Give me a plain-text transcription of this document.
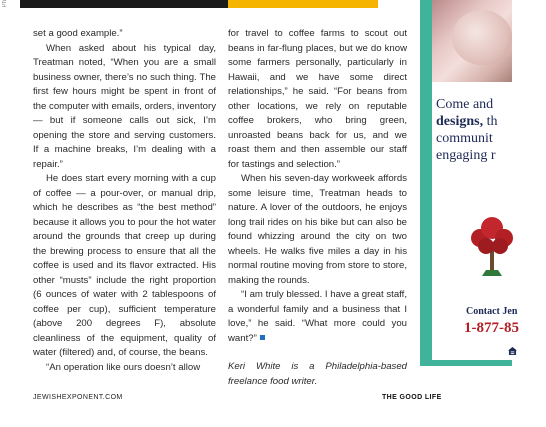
Ph

set a good example.”

When asked about his typical day, Treatman noted, “When you are a small business owner, there’s no such thing. The first few hours might be spent in front of the computer with emails, orders, inventory — but if someone calls out sick, I’m opening the store and serving customers. If a machine breaks, I’m dealing with a repair.”

He does start every morning with a cup of coffee — a pour-over, or manual drip, which he describes as “the best method” because it allows you to pour the hot water around the grounds that creep up during the brewing process to ensure that all the coffee is used and its flavor extracted. His other “musts” include the right proportion (6 ounces of water with 2 tablespoons of coffee per cup), sufficient temperature (above 200 degrees F), absolute cleanliness of the equipment, quality of water (filtered) and, of course, the beans.

“An operation like ours doesn’t allow

for travel to coffee farms to scout out beans in far-flung places, but we do know some farmers personally, particularly in Hawaii, and we have some direct relationships,” he said. “For beans from other locations, we rely on reputable coffee brokers, who bring green, unroasted beans back for us, and we roast them and then assemble our staff for tastings and selection.”

When his seven-day workweek affords some leisure time, Treatman heads to nature. A lover of the outdoors, he enjoys long trail rides on his bike but can also be found whizzing around the city on two wheels. He walks five miles a day in his normal routine moving from store to store, making the rounds.

“I am truly blessed. I have a great staff, a wonderful family and a business that I love,” he said. “What more could you want?”

Keri White is a Philadelphia-based freelance food writer.

JEWISHEXPONENT.COM	THE GOOD LIFE
Come and
designs, th
communit
engaging r
Contact Jen
1-877-85
